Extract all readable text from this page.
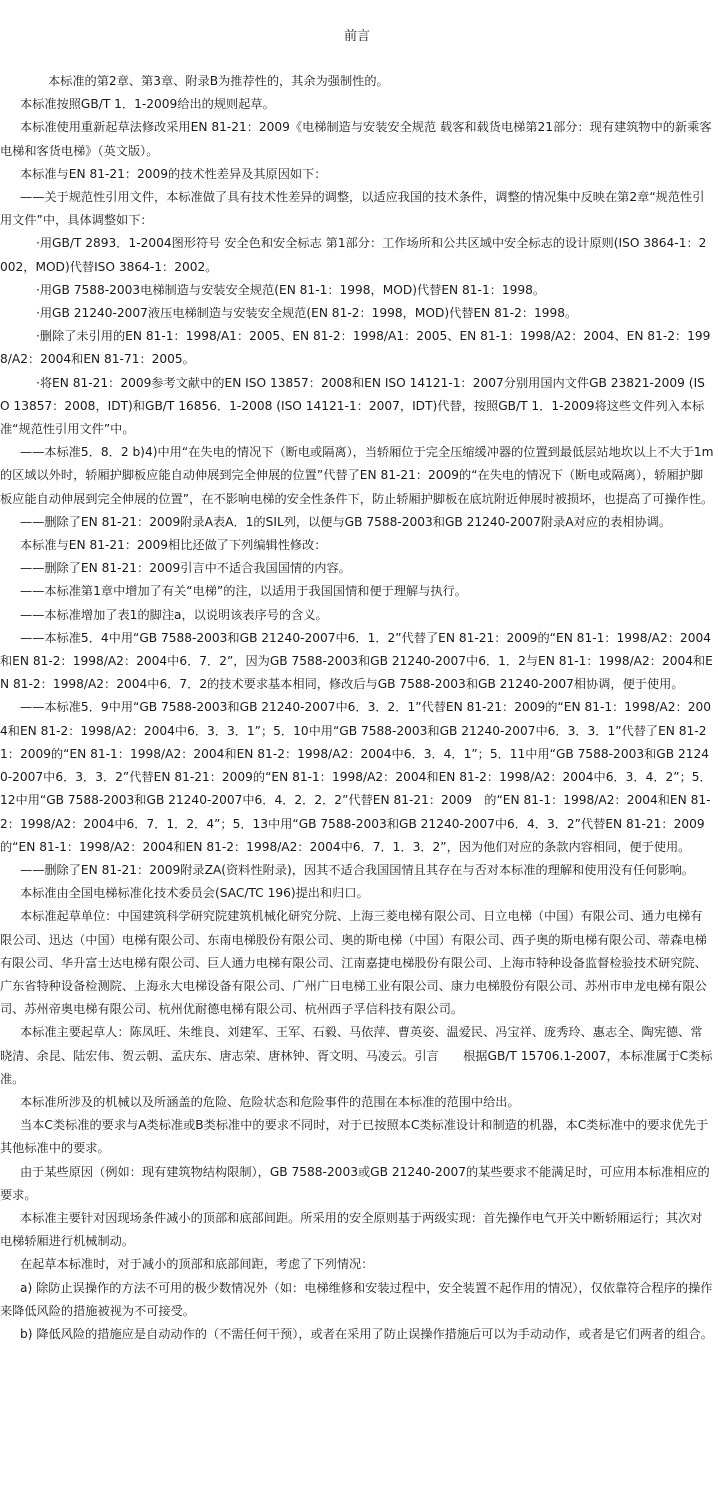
前言

本标准的第2章、第3章、附录B为推荐性的，其余为强制性的。

本标准按照GB/T 1．1-2009给出的规则起草。

本标准使用重新起草法修改采用EN 81-21：2009《电梯制造与安装安全规范 载客和载货电梯第21部分：现有建筑物中的新乘客电梯和客货电梯》（英文版）。

本标准与EN 81-21：2009的技术性差异及其原因如下：

——关于规范性引用文件，本标准做了具有技术性差异的调整，以适应我国的技术条件，调整的情况集中反映在第2章“规范性引用文件”中，具体调整如下：

·用GB/T 2893．1-2004图形符号 安全色和安全标志 第1部分：工作场所和公共区域中安全标志的设计原则(ISO 3864-1：2002，MOD)代替ISO 3864-1：2002。

·用GB 7588-2003电梯制造与安装安全规范(EN 81-1：1998，MOD)代替EN 81-1：1998。

·用GB 21240-2007液压电梯制造与安装安全规范(EN 81-2：1998，MOD)代替EN 81-2：1998。

·删除了未引用的EN 81-1：1998/A1：2005、EN 81-2：1998/A1：2005、EN 81-1：1998/A2：2004、EN 81-2：1998/A2：2004和EN 81-71：2005。

·将EN 81-21：2009参考文献中的EN ISO 13857：2008和EN ISO 14121-1：2007分别用国内文件GB 23821-2009 (ISO 13857：2008，IDT)和GB/T 16856．1-2008 (ISO 14121-1：2007，IDT)代替，按照GB/T 1．1-2009将这些文件列入本标准“规范性引用文件”中。

——本标准5．8．2 b)4)中用“在失电的情况下（断电或隔离），当轿厢位于完全压缩缓冲器的位置到最低层站地坎以上不大于1m的区域以外时，轿厢护脚板应能自动伸展到完全伸展的位置”代替了EN 81-21：2009的“在失电的情况下（断电或隔离），轿厢护脚板应能自动伸展到完全伸展的位置”，在不影响电梯的安全性条件下，防止轿厢护脚板在底坑附近伸展时被损坏，也提高了可操作性。

——删除了EN 81-21：2009附录A表A．1的SIL列，以便与GB 7588-2003和GB 21240-2007附录A对应的表相协调。

本标准与EN 81-21：2009相比还做了下列编辑性修改：

——删除了EN 81-21：2009引言中不适合我国国情的内容。

——本标准第1章中增加了有关“电梯”的注，以适用于我国国情和便于理解与执行。

——本标准增加了表1的脚注a，以说明该表序号的含义。

——本标准5．4中用“GB 7588-2003和GB 21240-2007中6．1．2”代替了EN 81-21：2009的“EN 81-1：1998/A2：2004和EN 81-2：1998/A2：2004中6．7．2”，因为GB 7588-2003和GB 21240-2007中6．1．2与EN 81-1：1998/A2：2004和EN 81-2：1998/A2：2004中6．7．2的技术要求基本相同，修改后与GB 7588-2003和GB 21240-2007相协调，便于使用。

——本标准5．9中用“GB 7588-2003和GB 21240-2007中6．3．2．1”代替EN 81-21：2009的“EN 81-1：1998/A2：2004和EN 81-2：1998/A2：2004中6．3．3．1”；5．10中用“GB 7588-2003和GB 21240-2007中6．3．3．1”代替了EN 81-21：2009的“EN 81-1：1998/A2：2004和EN 81-2：1998/A2：2004中6．3．4．1”；5．11中用“GB 7588-2003和GB 21240-2007中6．3．3．2”代替EN 81-21：2009的“EN 81-1：1998/A2：2004和EN 81-2：1998/A2：2004中6．3．4．2”；5．12中用“GB 7588-2003和GB 21240-2007中6．4．2．2．2”代替EN 81-21：2009　的“EN 81-1：1998/A2：2004和EN 81-2：1998/A2：2004中6．7．1．2．4”；5．13中用“GB 7588-2003和GB 21240-2007中6．4．3．2”代替EN 81-21：2009的“EN 81-1：1998/A2：2004和EN 81-2：1998/A2：2004中6．7．1．3．2”，因为他们对应的条款内容相同，便于使用。

——删除了EN 81-21：2009附录ZA(资料性附录)，因其不适合我国国情且其存在与否对本标准的理解和使用没有任何影响。

本标准由全国电梯标准化技术委员会(SAC/TC 196)提出和归口。

本标准起草单位：中国建筑科学研究院建筑机械化研究分院、上海三菱电梯有限公司、日立电梯（中国）有限公司、通力电梯有限公司、迅达（中国）电梯有限公司、东南电梯股份有限公司、奥的斯电梯（中国）有限公司、西子奥的斯电梯有限公司、蒂森电梯有限公司、华升富士达电梯有限公司、巨人通力电梯有限公司、江南嘉捷电梯股份有限公司、上海市特种设备监督检验技术研究院、广东省特种设备检测院、上海永大电梯设备有限公司、广州广日电梯工业有限公司、康力电梯股份有限公司、苏州市申龙电梯有限公司、苏州帝奥电梯有限公司、杭州优耐德电梯有限公司、杭州西子孚信科技有限公司。

本标准主要起草人：陈凤旺、朱维良、刘建军、王军、石毅、马依萍、曹英姿、温爱民、冯宝祥、庞秀玲、惠志全、陶宪德、常晓清、余昆、陆宏伟、贺云朝、孟庆东、唐志荣、唐林钟、胥文明、马凌云。引言　　根据GB/T 15706.1-2007，本标准属于C类标准。

本标准所涉及的机械以及所涵盖的危险、危险状态和危险事件的范围在本标准的范围中给出。

当本C类标准的要求与A类标准或B类标准中的要求不同时，对于已按照本C类标准设计和制造的机器，本C类标准中的要求优先于其他标准中的要求。

由于某些原因（例如：现有建筑物结构限制），GB 7588-2003或GB 21240-2007的某些要求不能满足时，可应用本标准相应的要求。

本标准主要针对因现场条件减小的顶部和底部间距。所采用的安全原则基于两级实现：首先操作电气开关中断轿厢运行；其次对电梯轿厢进行机械制动。

在起草本标准时，对于减小的顶部和底部间距，考虑了下列情况：

a) 除防止误操作的方法不可用的极少数情况外（如：电梯维修和安装过程中，安全装置不起作用的情况），仅依靠符合程序的操作来降低风险的措施被视为不可接受。

b) 降低风险的措施应是自动动作的（不需任何干预），或者在采用了防止误操作措施后可以为手动动作，或者是它们两者的组合。
